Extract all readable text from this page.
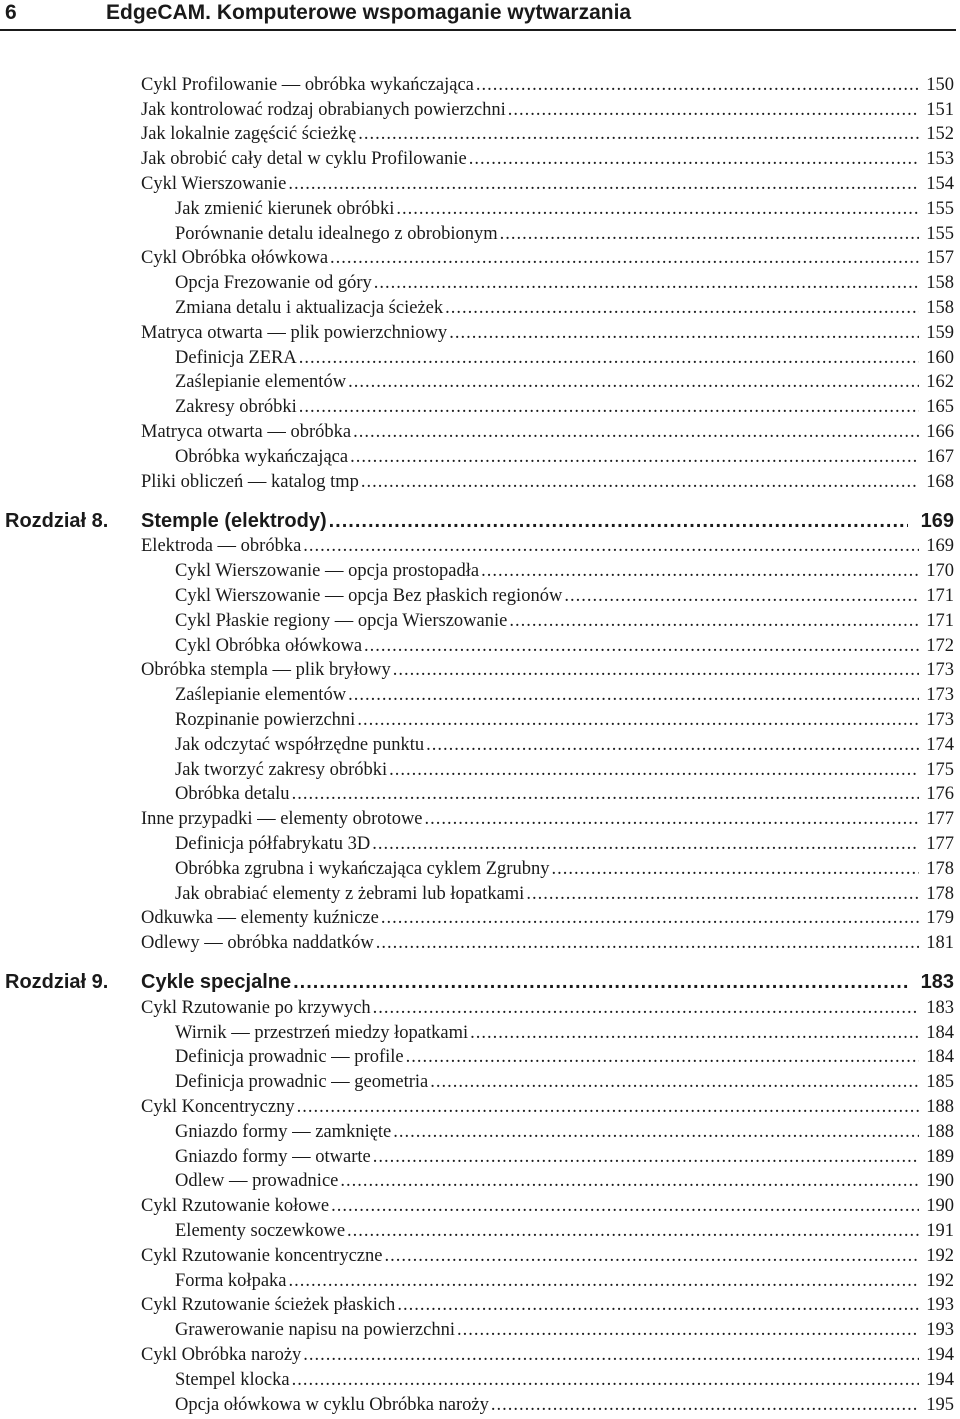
6	EdgeCAM. Komputerowe wspomaganie wytwarzania
Cykl Profilowanie — obróbka wykańczająca .....	150
Jak kontrolować rodzaj obrabianych powierzchni .....	151
Jak lokalnie zagęścić ścieżkę .....	152
Jak obrobić cały detal w cyklu Profilowanie .....	153
Cykl Wierszowanie .....	154
Jak zmienić kierunek obróbki .....	155
Porównanie detalu idealnego z obrobionym .....	155
Cykl Obróbka ołówkowa .....	157
Opcja Frezowanie od góry .....	158
Zmiana detalu i aktualizacja ścieżek .....	158
Matryca otwarta — plik powierzchniowy .....	159
Definicja ZERA .....	160
Zaślepianie elementów .....	162
Zakresy obróbki .....	165
Matryca otwarta — obróbka .....	166
Obróbka wykańczająca .....	167
Pliki obliczeń — katalog tmp .....	168
Rozdział 8.	Stemple (elektrody) .....	169
Elektroda — obróbka .....	169
Cykl Wierszowanie — opcja prostopadła .....	170
Cykl Wierszowanie — opcja Bez płaskich regionów .....	171
Cykl Płaskie regiony — opcja Wierszowanie .....	171
Cykl Obróbka ołówkowa .....	172
Obróbka stempla — plik bryłowy .....	173
Zaślepianie elementów .....	173
Rozpinanie powierzchni .....	173
Jak odczytać współrzędne punktu .....	174
Jak tworzyć zakresy obróbki .....	175
Obróbka detalu .....	176
Inne przypadki — elementy obrotowe .....	177
Definicja półfabrykatu 3D .....	177
Obróbka zgrubna i wykańczająca cyklem Zgrubny .....	178
Jak obrabiać elementy z żebrami lub łopatkami .....	178
Odkuwka — elementy kuźnicze .....	179
Odlewy — obróbka naddatków .....	181
Rozdział 9.	Cykle specjalne .....	183
Cykl Rzutowanie po krzywych .....	183
Wirnik — przestrzeń miedzy łopatkami .....	184
Definicja prowadnic — profile .....	184
Definicja prowadnic — geometria .....	185
Cykl Koncentryczny .....	188
Gniazdo formy — zamknięte .....	188
Gniazdo formy — otwarte .....	189
Odlew — prowadnice .....	190
Cykl Rzutowanie kołowe .....	190
Elementy soczewkowe .....	191
Cykl Rzutowanie koncentryczne .....	192
Forma kołpaka .....	192
Cykl Rzutowanie ścieżek płaskich .....	193
Grawerowanie napisu na powierzchni .....	193
Cykl Obróbka naroży .....	194
Stempel klocka .....	194
Opcja ołówkowa w cyklu Obróbka naroży .....	195
